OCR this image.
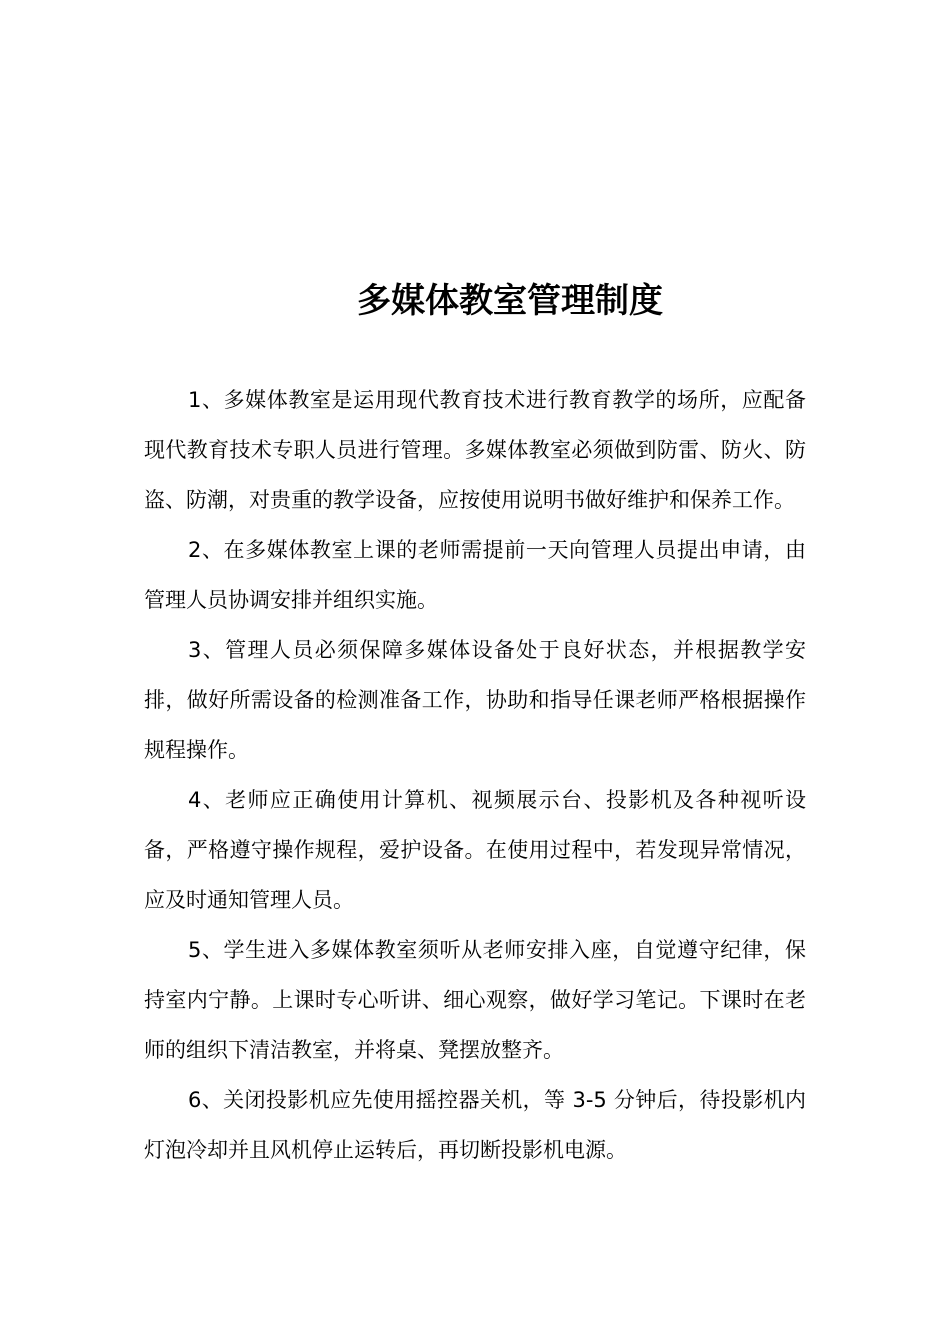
多媒体教室管理制度

1、多媒体教室是运用现代教育技术进行教育教学的场所，应配备现代教育技术专职人员进行管理。多媒体教室必须做到防雷、防火、防盗、防潮，对贵重的教学设备，应按使用说明书做好维护和保养工作。

2、在多媒体教室上课的老师需提前一天向管理人员提出申请，由管理人员协调安排并组织实施。

3、管理人员必须保障多媒体设备处于良好状态，并根据教学安排，做好所需设备的检测准备工作，协助和指导任课老师严格根据操作规程操作。

4、老师应正确使用计算机、视频展示台、投影机及各种视听设备，严格遵守操作规程，爱护设备。在使用过程中，若发现异常情况，应及时通知管理人员。

5、学生进入多媒体教室须听从老师安排入座，自觉遵守纪律，保持室内宁静。上课时专心听讲、细心观察，做好学习笔记。下课时在老师的组织下清洁教室，并将桌、凳摆放整齐。

6、关闭投影机应先使用摇控器关机，等 3-5 分钟后，待投影机内灯泡冷却并且风机停止运转后，再切断投影机电源。
